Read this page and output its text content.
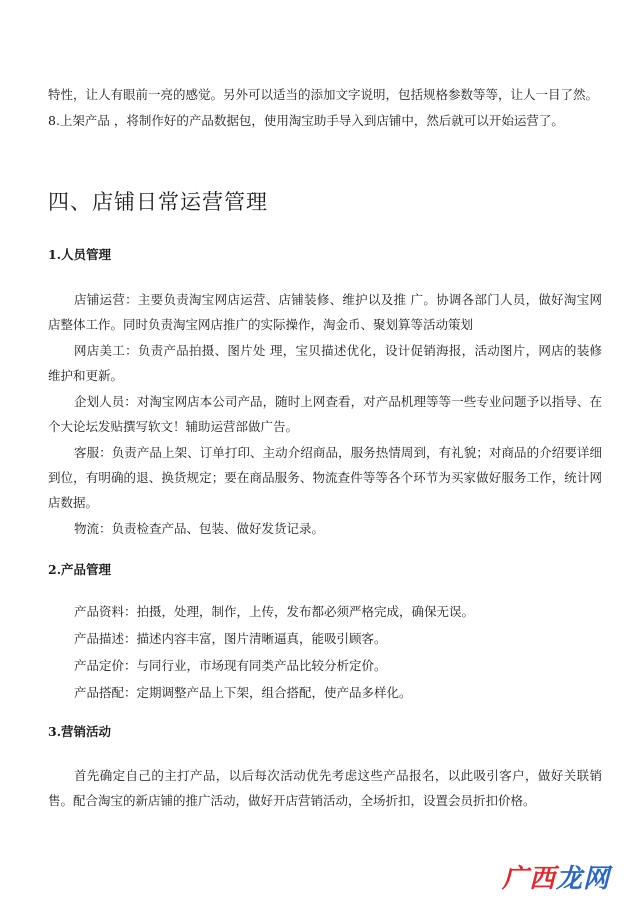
特性，让人有眼前一亮的感觉。另外可以适当的添加文字说明，包括规格参数等等，让人一目了然。

8.上架产品 ，将制作好的产品数据包，使用淘宝助手导入到店铺中，然后就可以开始运营了。

四、店铺日常运营管理
1.人员管理

店铺运营：主要负责淘宝网店运营、店铺装修、维护以及推 广。协调各部门人员，做好淘宝网店整体工作。同时负责淘宝网店推广的实际操作，淘金币、聚划算等活动策划

网店美工：负责产品拍摄、图片处 理，宝贝描述优化，设计促销海报，活动图片，网店的装修维护和更新。

企划人员：对淘宝网店本公司产品，随时上网查看，对产品机理等等一些专业问题予以指导、在个大论坛发贴撰写软文！辅助运营部做广告。

客服：负责产品上架、订单打印、主动介绍商品，服务热情周到，有礼貌；对商品的介绍要详细到位，有明确的退、换货规定；要在商品服务、物流查件等等各个环节为买家做好服务工作，统计网店数据。

物流：负责检查产品、包装、做好发货记录。

2.产品管理

产品资料：拍摄，处理，制作，上传，发布都必须严格完成，确保无误。

产品描述：描述内容丰富，图片清晰逼真，能吸引顾客。

产品定价：与同行业，市场现有同类产品比较分析定价。

产品搭配：定期调整产品上下架，组合搭配，使产品多样化。

3.营销活动

首先确定自己的主打产品，以后每次活动优先考虑这些产品报名，以此吸引客户，做好关联销售。配合淘宝的新店铺的推广活动，做好开店营销活动，全场折扣，设置会员折扣价格。

广西龙网
